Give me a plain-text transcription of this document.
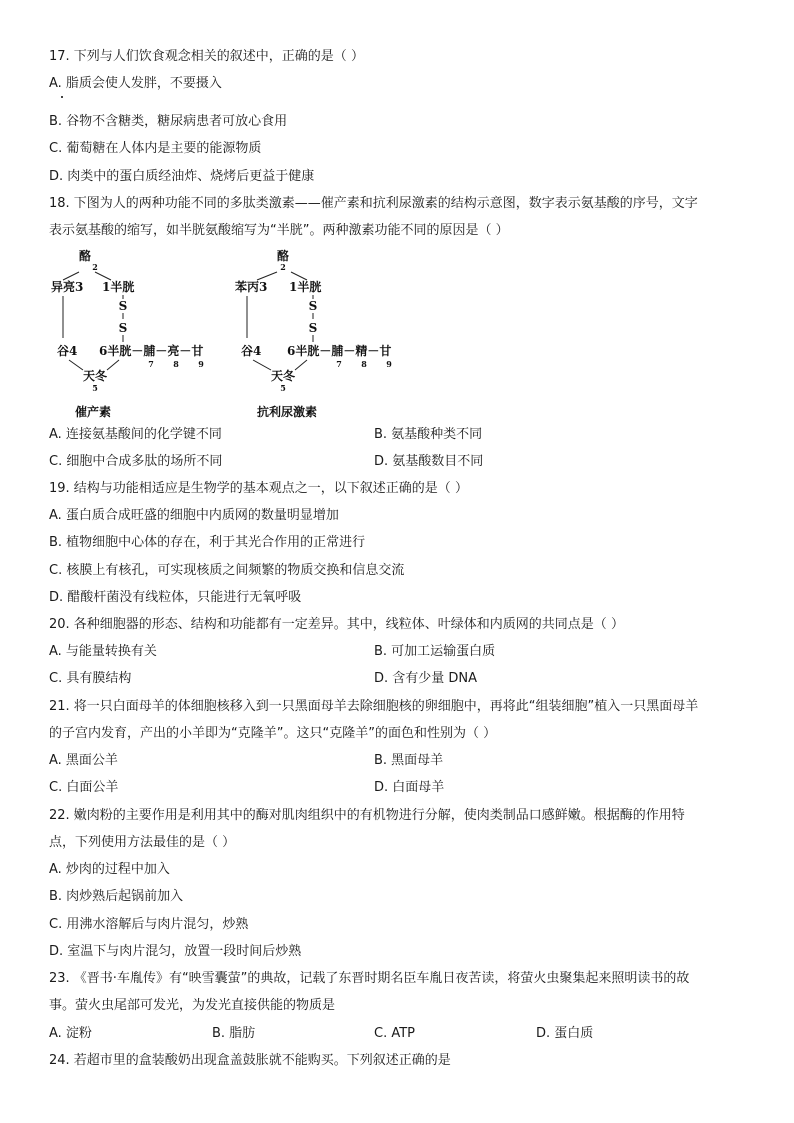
17. 下列与人们饮食观念相关的叙述中，正确的是（ ）
A. 脂质会使人发胖，不要摄入
B. 谷物不含糖类，糖尿病患者可放心食用
C. 葡萄糖在人体内是主要的能源物质
D. 肉类中的蛋白质经油炸、烧烤后更益于健康
18. 下图为人的两种功能不同的多肽类激素——催产素和抗利尿激素的结构示意图，数字表示氨基酸的序号，文字
表示氨基酸的缩写，如半胱氨酸缩写为“半胱”。两种激素功能不同的原因是（ ）
酪
2
异亮3 1半胱
S
S
谷4 6半胱－脯－亮－甘
7 8 9
天冬
5
催产素
酪
2
苯丙3 1半胱
S
S
谷4 6半胱－脯－精－甘
7 8 9
天冬
5
抗利尿激素
A. 连接氨基酸间的化学键不同	B. 氨基酸种类不同
C. 细胞中合成多肽的场所不同	D. 氨基酸数目不同
19. 结构与功能相适应是生物学的基本观点之一，以下叙述正确的是（ ）
A. 蛋白质合成旺盛的细胞中内质网的数量明显增加
B. 植物细胞中心体的存在，利于其光合作用的正常进行
C. 核膜上有核孔，可实现核质之间频繁的物质交换和信息交流
D. 醋酸杆菌没有线粒体，只能进行无氧呼吸
20. 各种细胞器的形态、结构和功能都有一定差异。其中，线粒体、叶绿体和内质网的共同点是（ ）
A. 与能量转换有关	B. 可加工运输蛋白质
C. 具有膜结构	D. 含有少量 DNA
21. 将一只白面母羊的体细胞核移入到一只黑面母羊去除细胞核的卵细胞中，再将此“组装细胞”植入一只黑面母羊
的子宫内发育，产出的小羊即为“克隆羊”。这只“克隆羊”的面色和性别为（ ）
A. 黑面公羊	B. 黑面母羊
C. 白面公羊	D. 白面母羊
22. 嫩肉粉的主要作用是利用其中的酶对肌肉组织中的有机物进行分解，使肉类制品口感鲜嫩。根据酶的作用特
点，下列使用方法最佳的是（ ）
A. 炒肉的过程中加入
B. 肉炒熟后起锅前加入
C. 用沸水溶解后与肉片混匀，炒熟
D. 室温下与肉片混匀，放置一段时间后炒熟
23. 《晋书·车胤传》有“映雪囊萤”的典故，记载了东晋时期名臣车胤日夜苦读，将萤火虫聚集起来照明读书的故
事。萤火虫尾部可发光，为发光直接供能的物质是
A. 淀粉	B. 脂肪	C. ATP	D. 蛋白质
24. 若超市里的盒装酸奶出现盒盖鼓胀就不能购买。下列叙述正确的是
